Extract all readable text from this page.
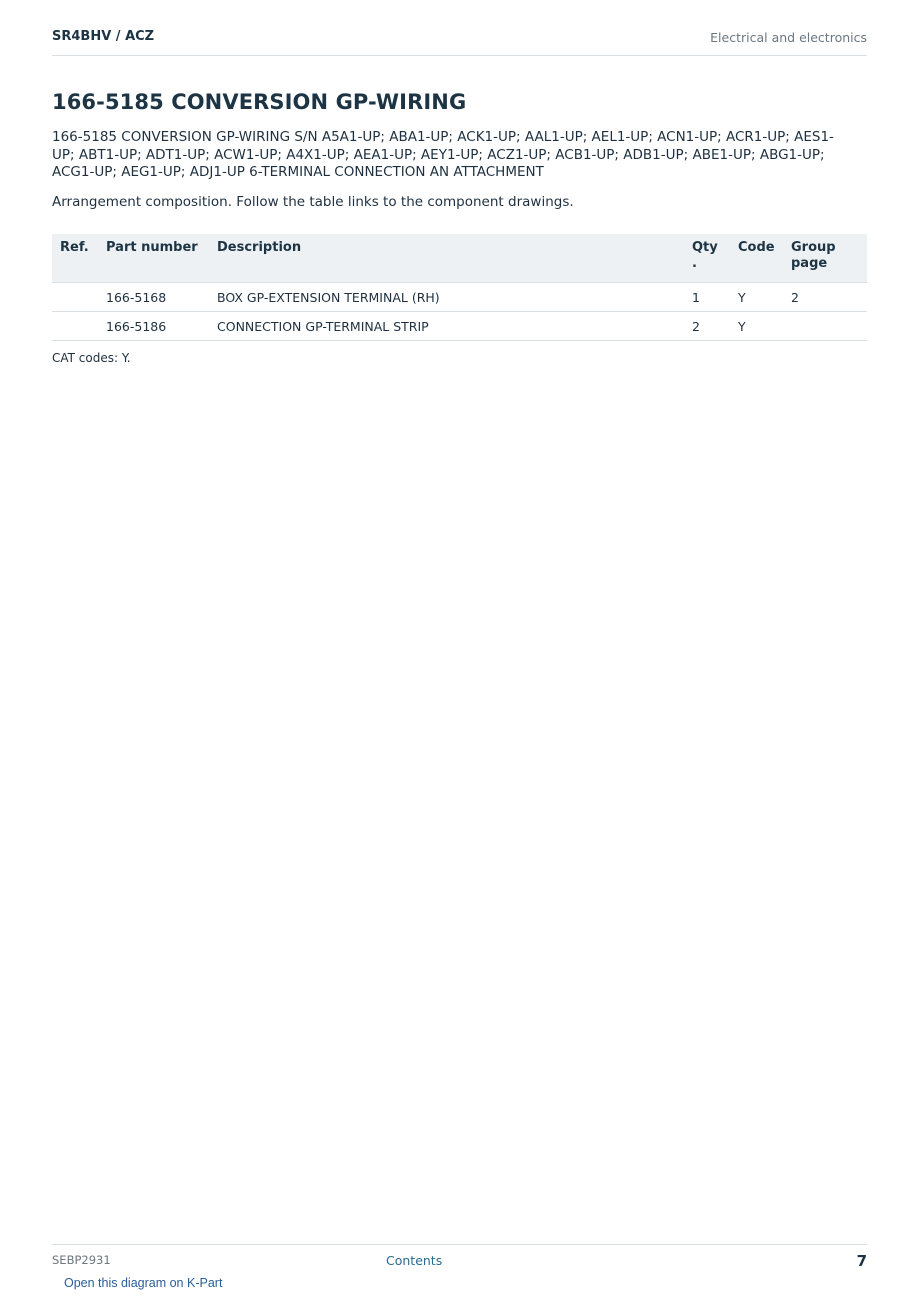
SR4BHV / ACZ	Electrical and electronics
166-5185 CONVERSION GP-WIRING

166-5185 CONVERSION GP-WIRING S/N A5A1-UP; ABA1-UP; ACK1-UP; AAL1-UP; AEL1-UP; ACN1-UP; ACR1-UP; AES1-UP; ABT1-UP; ADT1-UP; ACW1-UP; A4X1-UP; AEA1-UP; AEY1-UP; ACZ1-UP; ACB1-UP; ADB1-UP; ABE1-UP; ABG1-UP; ACG1-UP; AEG1-UP; ADJ1-UP 6-TERMINAL CONNECTION AN ATTACHMENT

Arrangement composition. Follow the table links to the component drawings.

Ref.	Part number	Description	Qty .	Code	Group page
	166-5168	BOX GP-EXTENSION TERMINAL (RH)	1	Y	2
	166-5186	CONNECTION GP-TERMINAL STRIP	2	Y	

CAT codes: Y.

SEBP2931	Contents	7
Open this diagram on K-Part
